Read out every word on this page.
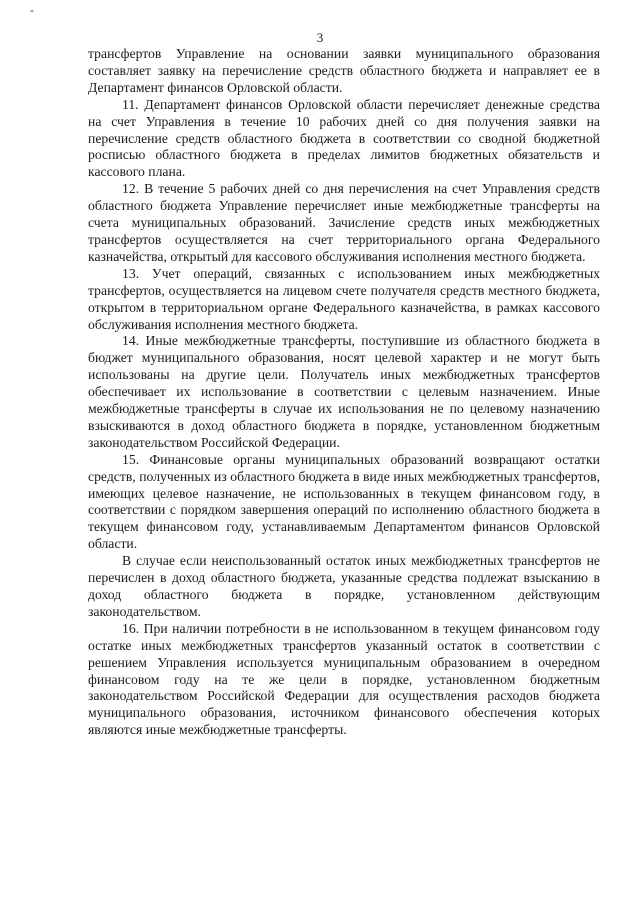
*
3

трансфертов Управление на основании заявки муниципального образования составляет заявку на перечисление средств областного бюджета и направляет ее в Департамент финансов Орловской области.

11. Департамент финансов Орловской области перечисляет денежные средства на счет Управления в течение 10 рабочих дней со дня получения заявки на перечисление средств областного бюджета в соответствии со сводной бюджетной росписью областного бюджета в пределах лимитов бюджетных обязательств и кассового плана.

12. В течение 5 рабочих дней со дня перечисления на счет Управления средств областного бюджета Управление перечисляет иные межбюджетные трансферты на счета муниципальных образований. Зачисление средств иных межбюджетных трансфертов осуществляется на счет территориального органа Федерального казначейства, открытый для кассового обслуживания исполнения местного бюджета.

13. Учет операций, связанных с использованием иных межбюджетных трансфертов, осуществляется на лицевом счете получателя средств местного бюджета, открытом в территориальном органе Федерального казначейства, в рамках кассового обслуживания исполнения местного бюджета.

14. Иные межбюджетные трансферты, поступившие из областного бюджета в бюджет муниципального образования, носят целевой характер и не могут быть использованы на другие цели. Получатель иных межбюджетных трансфертов обеспечивает их использование в соответствии с целевым назначением. Иные межбюджетные трансферты в случае их использования не по целевому назначению взыскиваются в доход областного бюджета в порядке, установленном бюджетным законодательством Российской Федерации.

15. Финансовые органы муниципальных образований возвращают остатки средств, полученных из областного бюджета в виде иных межбюджетных трансфертов, имеющих целевое назначение, не использованных в текущем финансовом году, в соответствии с порядком завершения операций по исполнению областного бюджета в текущем финансовом году, устанавливаемым Департаментом финансов Орловской области.

В случае если неиспользованный остаток иных межбюджетных трансфертов не перечислен в доход областного бюджета, указанные средства подлежат взысканию в доход областного бюджета в порядке, установленном действующим законодательством.

16. При наличии потребности в не использованном в текущем финансовом году остатке иных межбюджетных трансфертов указанный остаток в соответствии с решением Управления используется муниципальным образованием в очередном финансовом году на те же цели в порядке, установленном бюджетным законодательством Российской Федерации для осуществления расходов бюджета муниципального образования, источником финансового обеспечения которых являются иные межбюджетные трансферты.
